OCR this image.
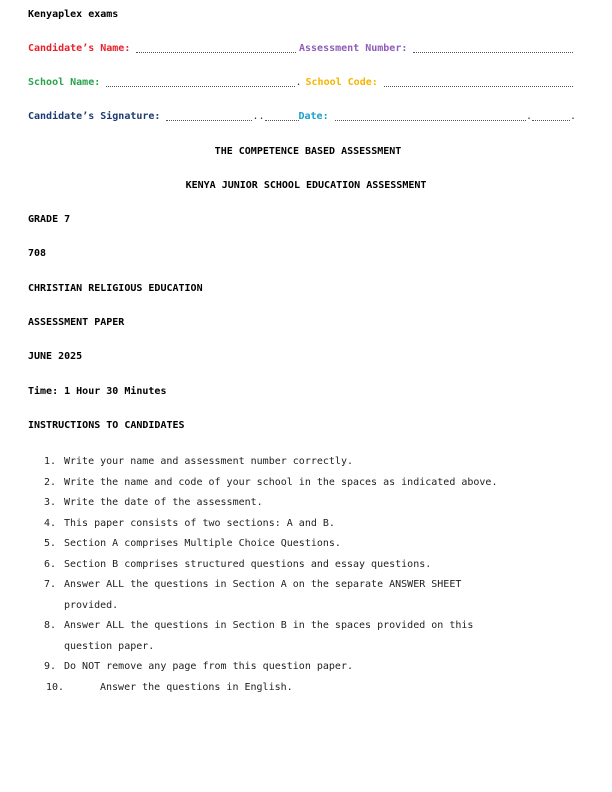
Kenyaplex exams
Candidate’s Name:	Assessment Number:
School Name:	. School Code:
Candidate’s Signature:	..	Date:	.	.
THE COMPETENCE BASED ASSESSMENT
KENYA JUNIOR SCHOOL EDUCATION ASSESSMENT
GRADE 7
708
CHRISTIAN RELIGIOUS EDUCATION
ASSESSMENT PAPER
JUNE 2025
Time: 1 Hour 30 Minutes
INSTRUCTIONS TO CANDIDATES
1. Write your name and assessment number correctly.
2. Write the name and code of your school in the spaces as indicated above.
3. Write the date of the assessment.
4. This paper consists of two sections: A and B.
5. Section A comprises Multiple Choice Questions.
6. Section B comprises structured questions and essay questions.
7. Answer ALL the questions in Section A on the separate ANSWER SHEET
provided.
8. Answer ALL the questions in Section B in the spaces provided on this
question paper.
9. Do NOT remove any page from this question paper.
10.	Answer the questions in English.
